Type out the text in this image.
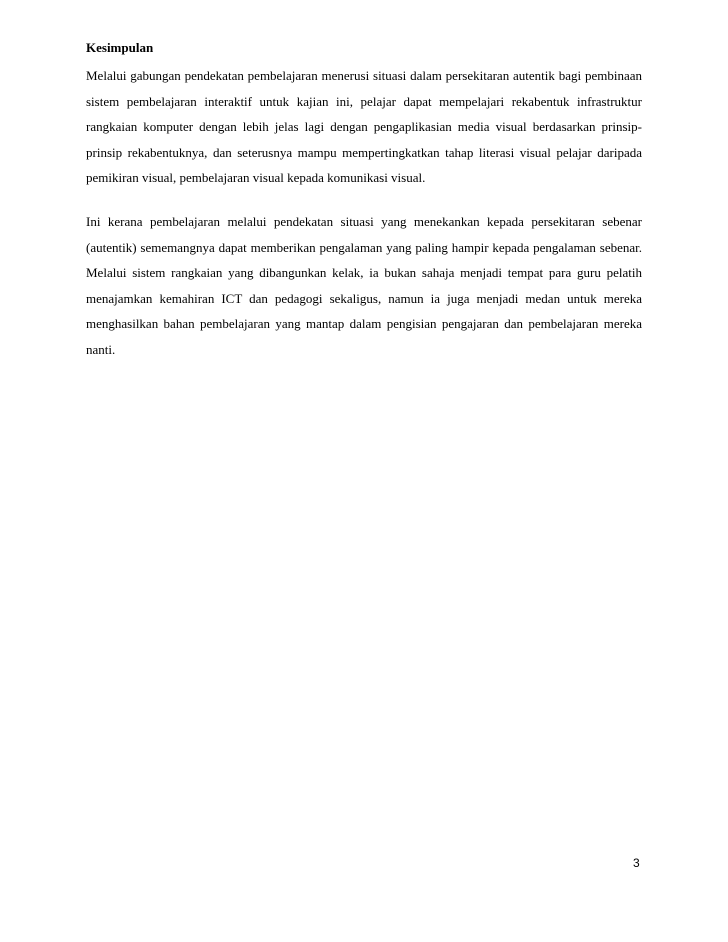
Kesimpulan

Melalui gabungan pendekatan pembelajaran menerusi situasi dalam persekitaran autentik bagi pembinaan sistem pembelajaran interaktif untuk kajian ini, pelajar dapat mempelajari rekabentuk infrastruktur rangkaian komputer dengan lebih jelas lagi dengan pengaplikasian media visual berdasarkan prinsip-prinsip rekabentuknya, dan seterusnya mampu mempertingkatkan tahap literasi visual pelajar daripada pemikiran visual, pembelajaran visual kepada komunikasi visual.

Ini kerana pembelajaran melalui pendekatan situasi yang menekankan kepada persekitaran sebenar (autentik) sememangnya dapat memberikan pengalaman yang paling hampir kepada pengalaman sebenar. Melalui sistem rangkaian yang dibangunkan kelak, ia bukan sahaja menjadi tempat para guru pelatih menajamkan kemahiran ICT dan pedagogi sekaligus, namun ia juga menjadi medan untuk mereka menghasilkan bahan pembelajaran yang mantap dalam pengisian pengajaran dan pembelajaran mereka nanti.

3
